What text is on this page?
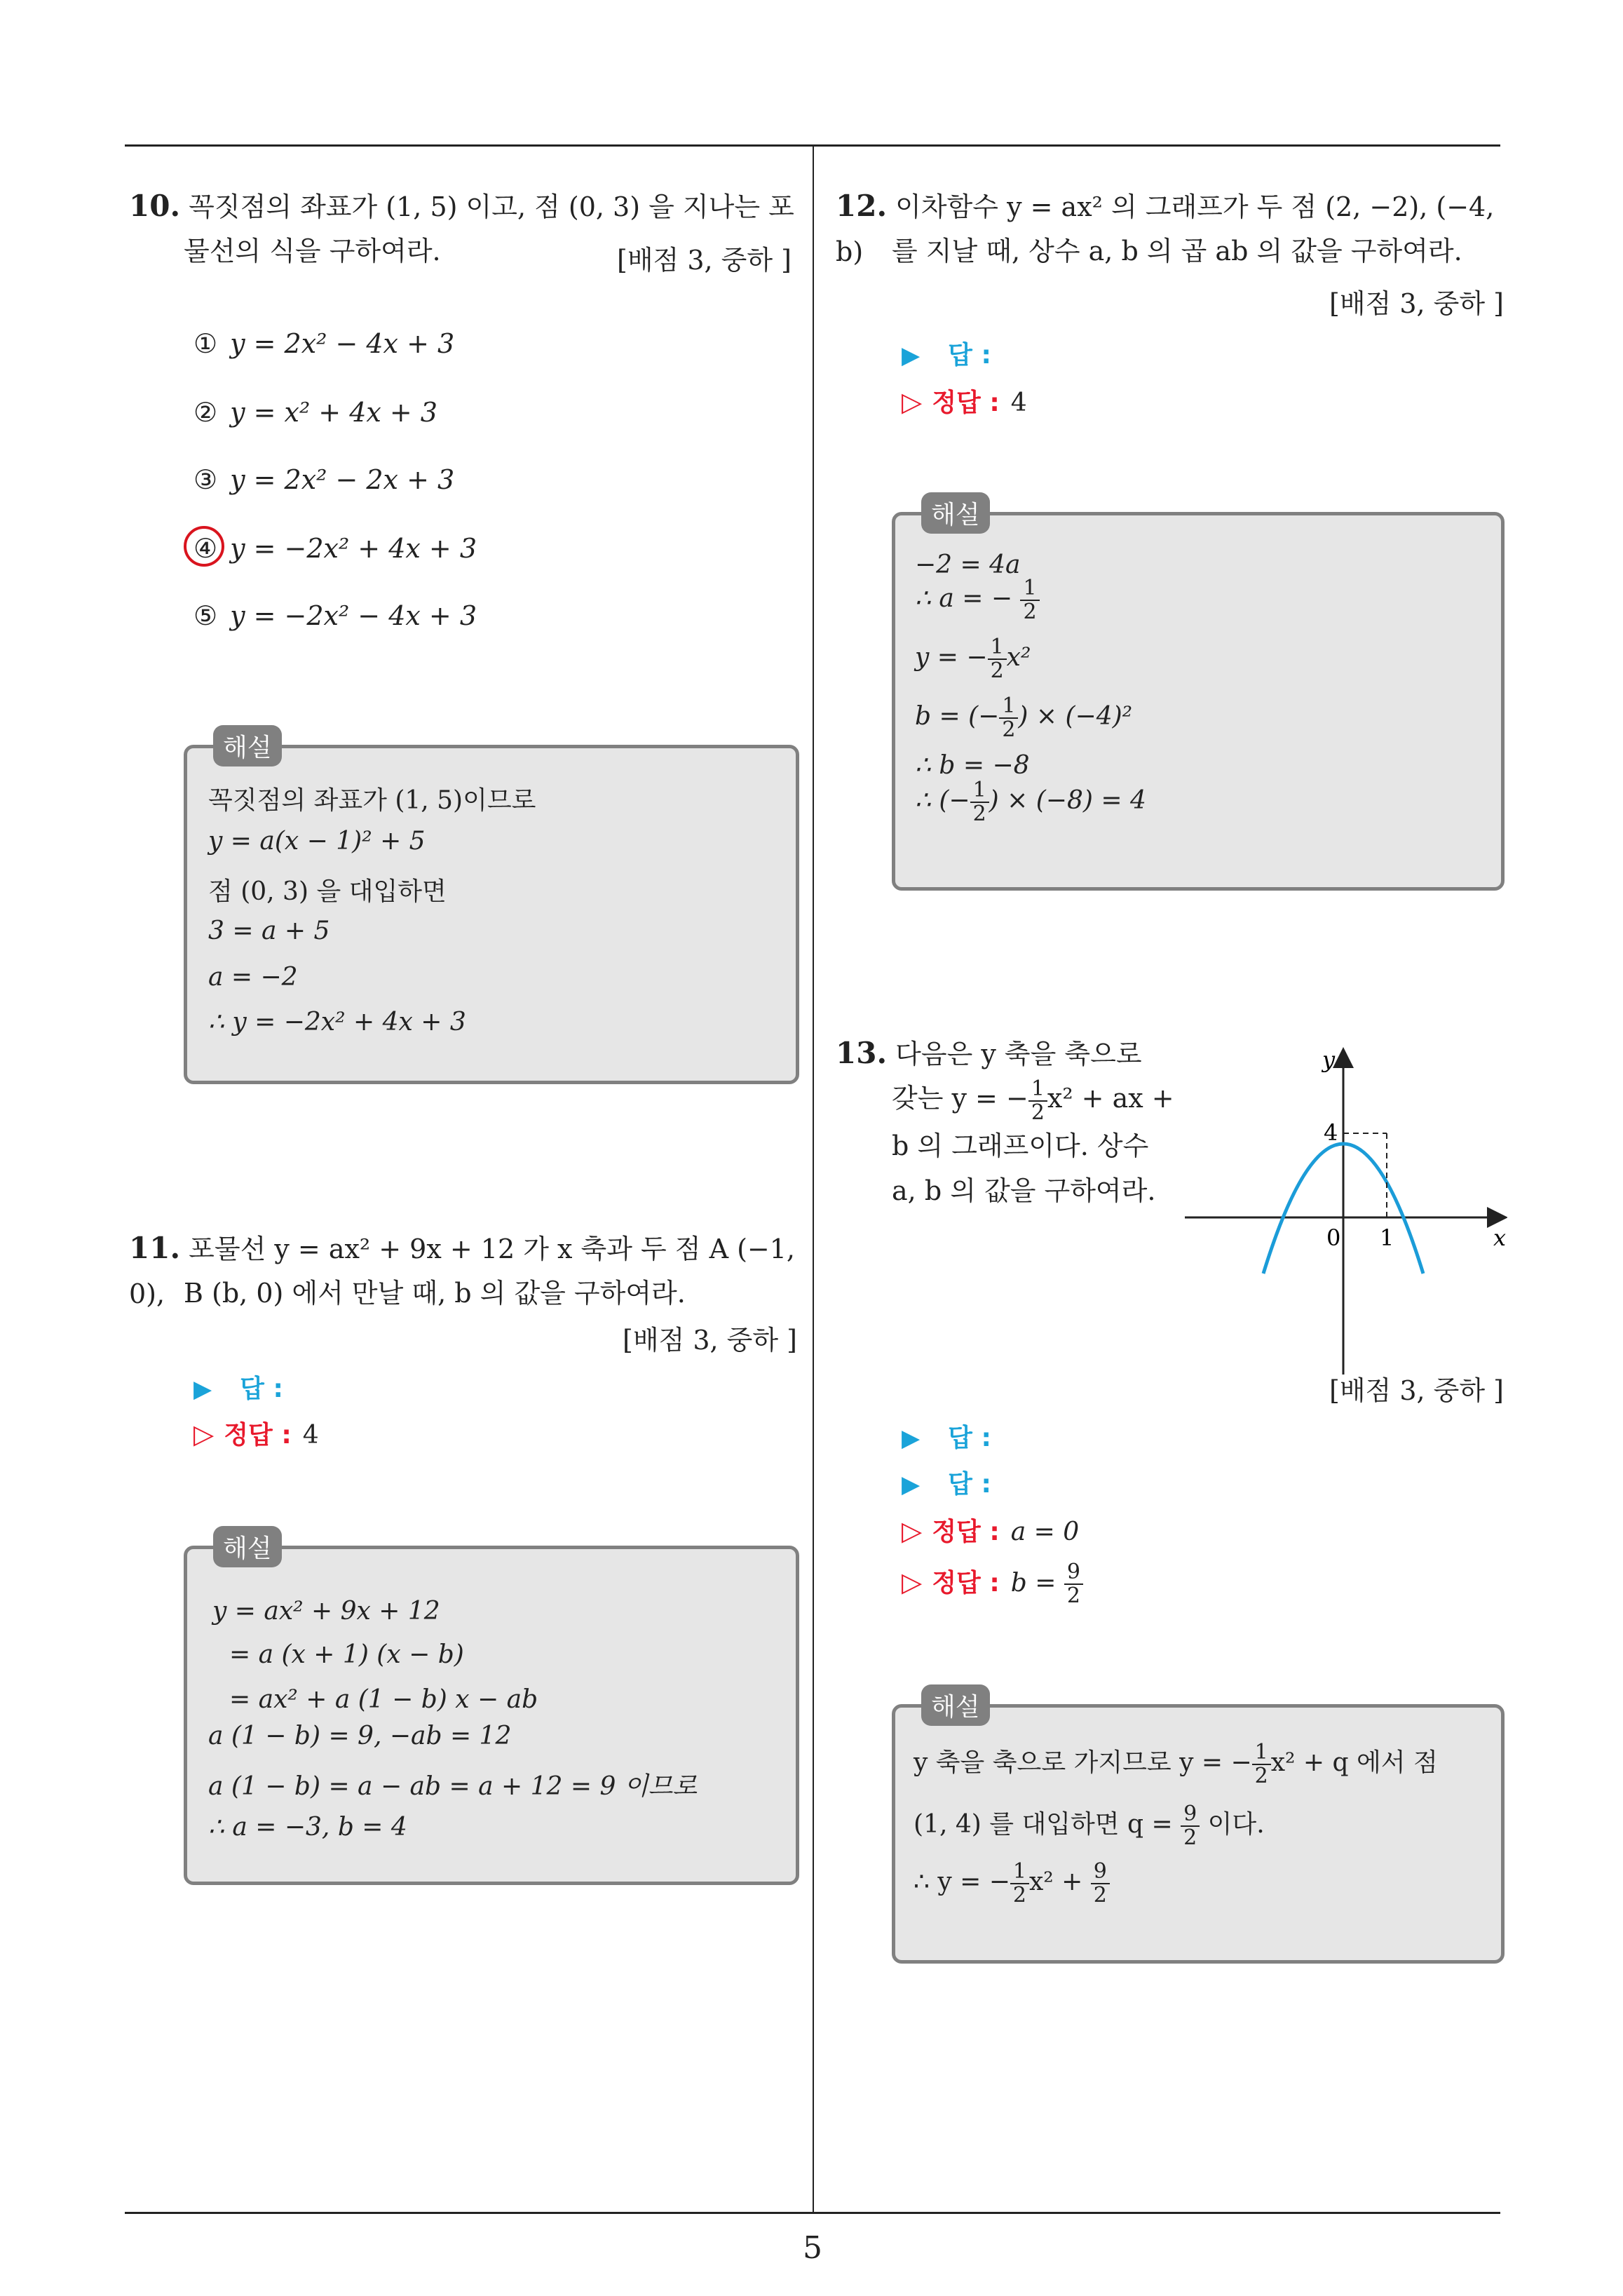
5
10. 꼭짓점의 좌표가 (1, 5) 이고, 점 (0, 3) 을 지나는 포
물선의 식을 구하여라.	[배점 3, 중하 ]
① y = 2x² − 4x + 3
② y = x² + 4x + 3
③ y = 2x² − 2x + 3
④ y = −2x² + 4x + 3
⑤ y = −2x² − 4x + 3
꼭짓점의 좌표가 (1, 5)이므로
y = a(x − 1)² + 5
점 (0, 3) 을 대입하면
3 = a + 5
a = −2
∴ y = −2x² + 4x + 3
해설
11. 포물선 y = ax² + 9x + 12 가 x 축과 두 점 A (−1, 0), B (b, 0) 에서 만날 때, b 의 값을 구하여라.
[배점 3, 중하 ]
▶ 답 :
▷ 정답 : 4
y = ax² + 9x + 12
= a (x + 1) (x − b)
= ax² + a (1 − b) x − ab
a (1 − b) = 9, −ab = 12
a (1 − b) = a − ab = a + 12 = 9 이므로
∴ a = −3, b = 4
해설
12. 이차함수 y = ax² 의 그래프가 두 점 (2, −2), (−4, b)	를 지날 때, 상수 a, b 의 곱 ab 의 값을 구하여라.
[배점 3, 중하 ]
▶ 답 :
▷ 정답 : 4
−2 = 4a
∴ a = − $\frac{1}{2}$
y = − $\frac{1}{2} x^2$
b = (− $\frac{1}{2}$ ) × (−4)²
∴ b = −8
∴ (− $\frac{1}{2}$ ) × (−8) = 4
해설
13. 다음은 y 축을 축으로
갖는 y = − $\frac{1}{2} x^2$ + ax +
b 의 그래프이다. 상수
a, b 의 값을 구하여라.
y
x
0 1
4
[배점 3, 중하 ]
▶ 답 :
▶ 답 :
▷ 정답 : a = 0
▷ 정답 : $b = \frac{9}{2}$
y 축을 축으로 가지므로 y = − $\frac{1}{2} x^2 + q$ 에서 점
(1, 4) 를 대입하면 $q = \frac{9}{2}$ 이다.
∴ y = − $\frac{1}{2} x^2 + \frac{9}{2}$
해설
